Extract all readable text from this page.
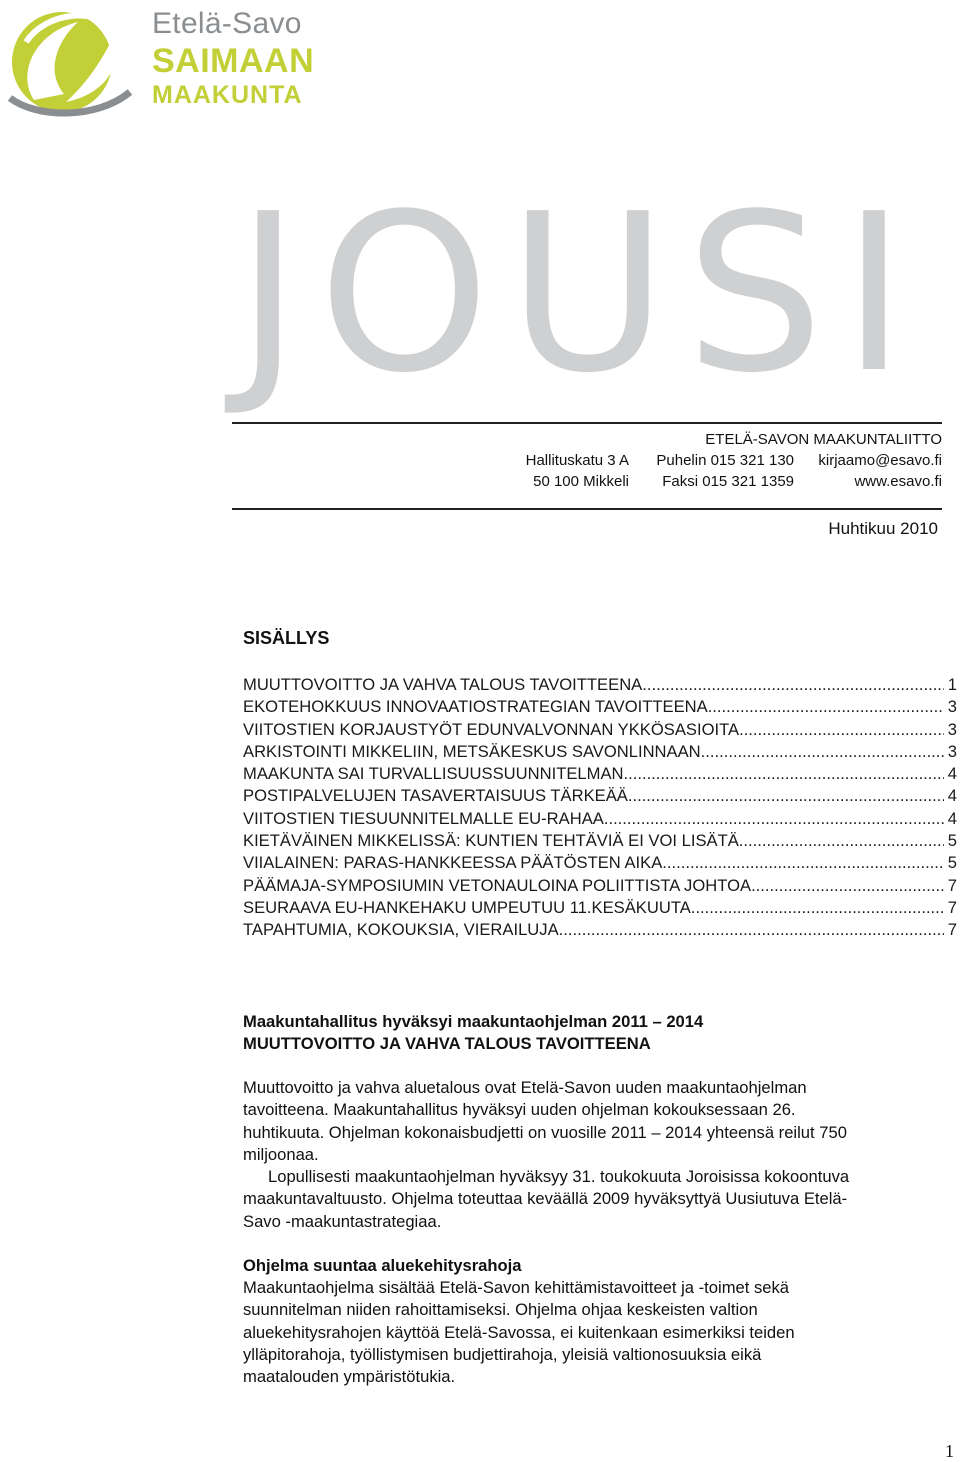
Etelä-Savo
SAIMAAN
MAAKUNTA
JOUSI
ETELÄ-SAVON MAAKUNTALIITTO
Hallituskatu 3 A	Puhelin 015 321 130	kirjaamo@esavo.fi
50 100 Mikkeli	Faksi 015 321 1359	www.esavo.fi
Huhtikuu 2010
SISÄLLYS
MUUTTOVOITTO JA VAHVA TALOUS TAVOITTEENA .....	1
EKOTEHOKKUUS INNOVAATIOSTRATEGIAN TAVOITTEENA .....	3
VIITOSTIEN KORJAUSTYÖT EDUNVALVONNAN YKKÖSASIOITA .....	3
ARKISTOINTI MIKKELIIN, METSÄKESKUS SAVONLINNAAN .....	3
MAAKUNTA SAI TURVALLISUUSSUUNNITELMAN .....	4
POSTIPALVELUJEN TASAVERTAISUUS TÄRKEÄÄ .....	4
VIITOSTIEN TIESUUNNITELMALLE EU-RAHAA .....	4
KIETÄVÄINEN MIKKELISSÄ: KUNTIEN TEHTÄVIÄ EI VOI LISÄTÄ .....	5
VIIALAINEN: PARAS-HANKKEESSA PÄÄTÖSTEN AIKA .....	5
PÄÄMAJA-SYMPOSIUMIN VETONAULOINA POLIITTISTA JOHTOA .....	7
SEURAAVA EU-HANKEHAKU UMPEUTUU 11.KESÄKUUTA .....	7
TAPAHTUMIA, KOKOUKSIA, VIERAILUJA .....	7
Maakuntahallitus hyväksyi maakuntaohjelman 2011 – 2014
MUUTTOVOITTO JA VAHVA TALOUS TAVOITTEENA
Muuttovoitto ja vahva aluetalous ovat Etelä-Savon uuden maakuntaohjelman
tavoitteena. Maakuntahallitus hyväksyi uuden ohjelman kokouksessaan 26.
huhtikuuta. Ohjelman kokonaisbudjetti on vuosille 2011 – 2014 yhteensä reilut 750
miljoonaa.
Lopullisesti maakuntaohjelman hyväksyy 31. toukokuuta Joroisissa kokoontuva
maakuntavaltuusto. Ohjelma toteuttaa keväällä 2009 hyväksyttyä Uusiutuva Etelä-
Savo -maakuntastrategiaa.
Ohjelma suuntaa aluekehitysrahoja
Maakuntaohjelma sisältää Etelä-Savon kehittämistavoitteet ja -toimet sekä
suunnitelman niiden rahoittamiseksi. Ohjelma ohjaa keskeisten valtion
aluekehitysrahojen käyttöä Etelä-Savossa, ei kuitenkaan esimerkiksi teiden
ylläpitorahoja, työllistymisen budjettirahoja, yleisiä valtionosuuksia eikä
maatalouden ympäristötukia.
1
